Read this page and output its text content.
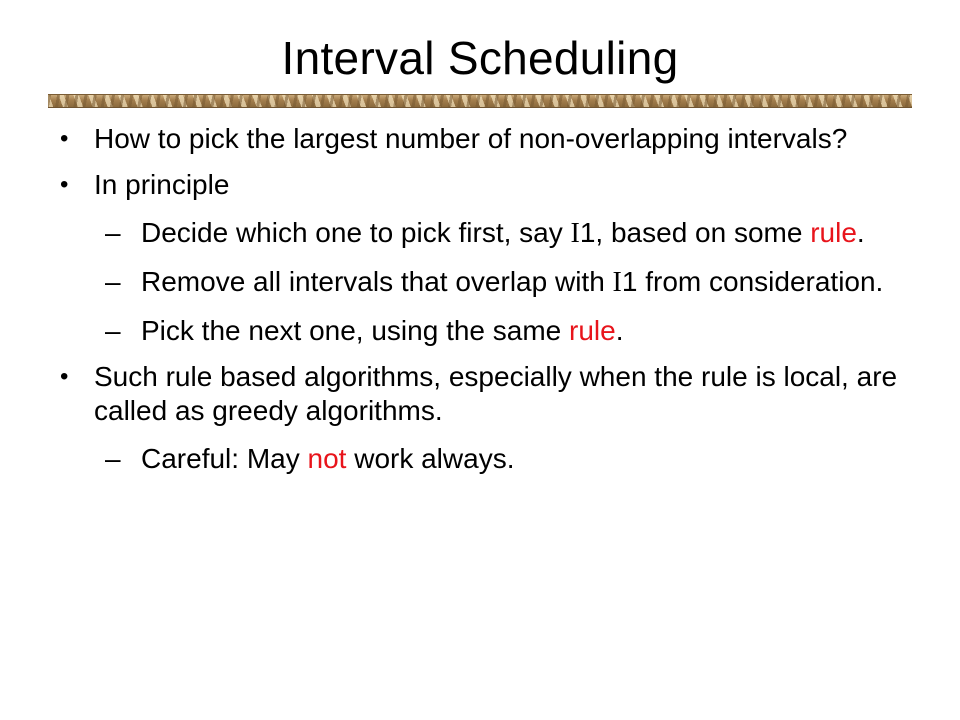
Interval Scheduling
• How to pick the largest number of non-overlapping intervals?
• In principle
– Decide which one to pick first, say I1, based on some rule.
– Remove all intervals that overlap with I1 from consideration.
– Pick the next one, using the same rule.
• Such rule based algorithms, especially when the rule is local, are called as greedy algorithms.
– Careful: May not work always.
